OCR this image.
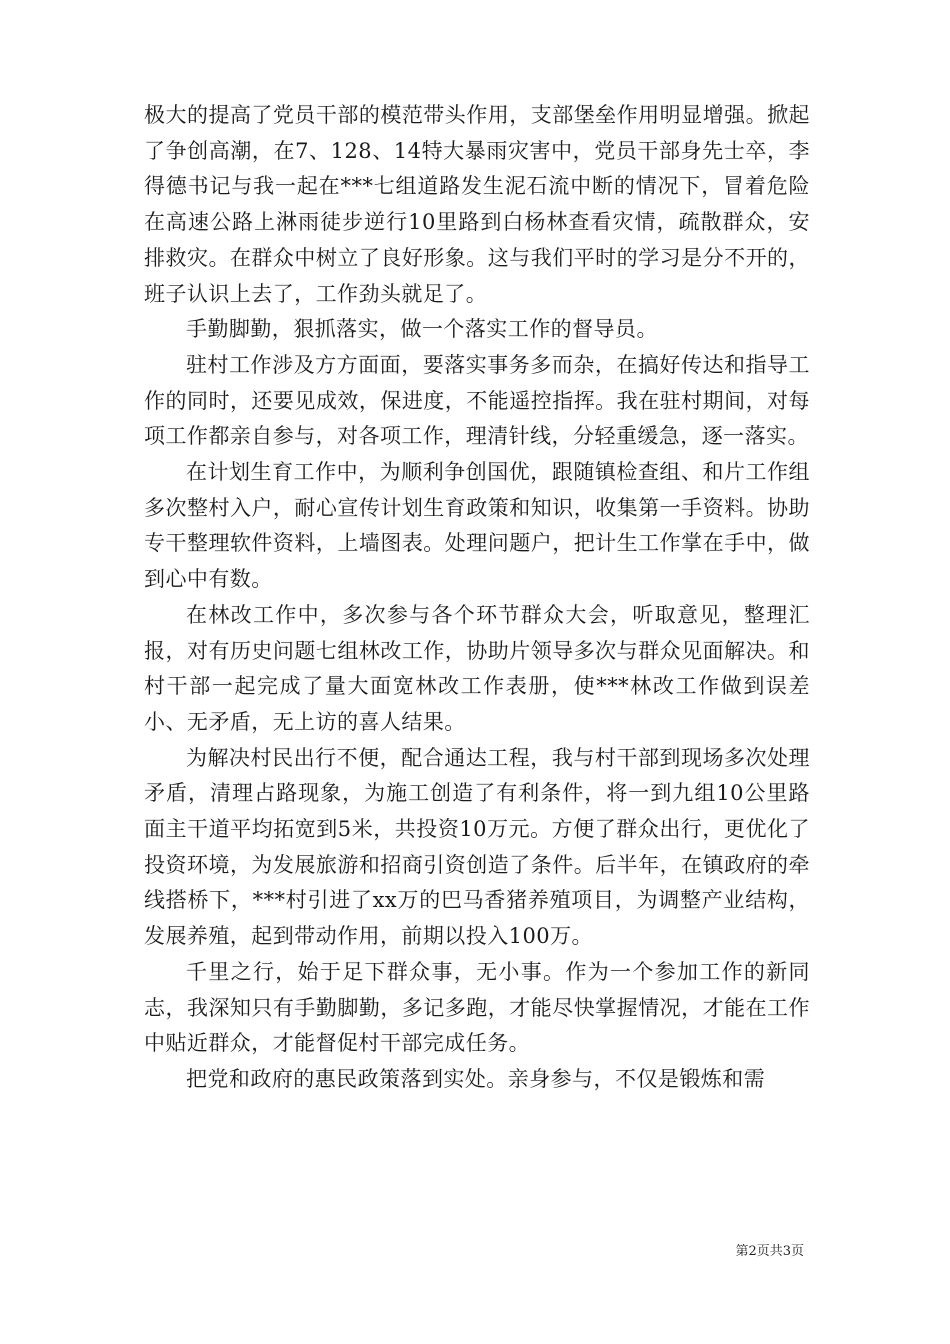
极大的提高了党员干部的模范带头作用，支部堡垒作用明显增强。掀起了争创高潮，在7、128、14特大暴雨灾害中，党员干部身先士卒，李得德书记与我一起在***七组道路发生泥石流中断的情况下，冒着危险在高速公路上淋雨徒步逆行10里路到白杨林查看灾情，疏散群众，安排救灾。在群众中树立了良好形象。这与我们平时的学习是分不开的，班子认识上去了，工作劲头就足了。

手勤脚勤，狠抓落实，做一个落实工作的督导员。

驻村工作涉及方方面面，要落实事务多而杂，在搞好传达和指导工作的同时，还要见成效，保进度，不能遥控指挥。我在驻村期间，对每项工作都亲自参与，对各项工作，理清针线，分轻重缓急，逐一落实。

在计划生育工作中，为顺利争创国优，跟随镇检查组、和片工作组多次整村入户，耐心宣传计划生育政策和知识，收集第一手资料。协助专干整理软件资料，上墙图表。处理问题户，把计生工作掌在手中，做到心中有数。

在林改工作中，多次参与各个环节群众大会，听取意见，整理汇报，对有历史问题七组林改工作，协助片领导多次与群众见面解决。和村干部一起完成了量大面宽林改工作表册，使***林改工作做到误差小、无矛盾，无上访的喜人结果。

为解决村民出行不便，配合通达工程，我与村干部到现场多次处理矛盾，清理占路现象，为施工创造了有利条件，将一到九组10公里路面主干道平均拓宽到5米，共投资10万元。方便了群众出行，更优化了投资环境，为发展旅游和招商引资创造了条件。后半年，在镇政府的牵线搭桥下，***村引进了xx万的巴马香猪养殖项目，为调整产业结构，发展养殖，起到带动作用，前期以投入100万。

千里之行，始于足下群众事，无小事。作为一个参加工作的新同志，我深知只有手勤脚勤，多记多跑，才能尽快掌握情况，才能在工作中贴近群众，才能督促村干部完成任务。

把党和政府的惠民政策落到实处。亲身参与，不仅是锻炼和需

第2页共3页
